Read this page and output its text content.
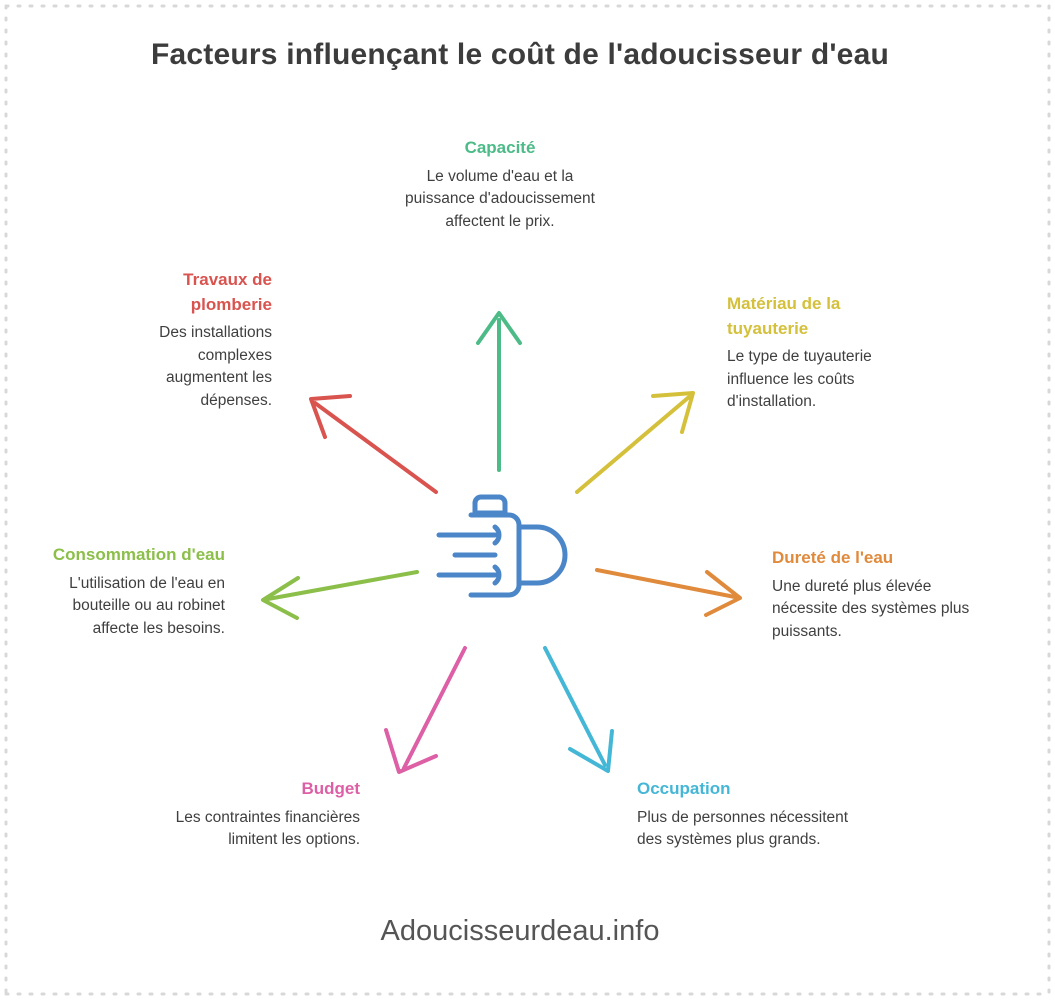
Facteurs influençant le coût de l'adoucisseur d'eau
Capacité
Le volume d'eau et la puissance d'adoucissement affectent le prix.
Matériau de la tuyauterie
Le type de tuyauterie influence les coûts d'installation.
Dureté de l'eau
Une dureté plus élevée nécessite des systèmes plus puissants.
Occupation
Plus de personnes nécessitent des systèmes plus grands.
Budget
Les contraintes financières limitent les options.
Consommation d'eau
L'utilisation de l'eau en bouteille ou au robinet affecte les besoins.
Travaux de plomberie
Des installations complexes augmentent les dépenses.
Adoucisseurdeau.info
